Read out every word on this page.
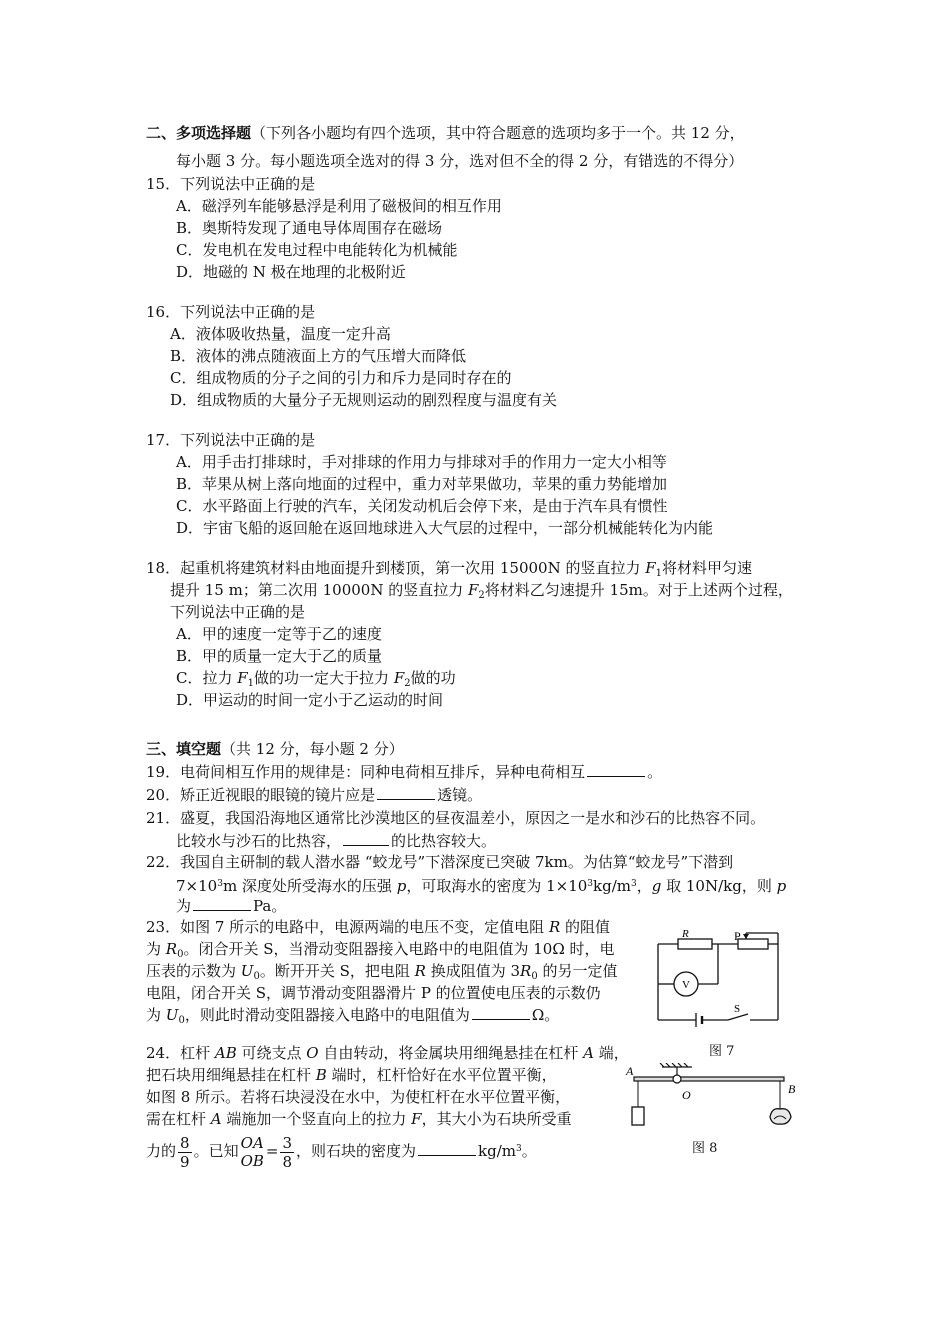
二、多项选择题（下列各小题均有四个选项，其中符合题意的选项均多于一个。共 12 分，
每小题 3 分。每小题选项全选对的得 3 分，选对但不全的得 2 分，有错选的不得分）
15．下列说法中正确的是
A．磁浮列车能够悬浮是利用了磁极间的相互作用
B．奥斯特发现了通电导体周围存在磁场
C．发电机在发电过程中电能转化为机械能
D．地磁的 N 极在地理的北极附近
16．下列说法中正确的是
A．液体吸收热量，温度一定升高
B．液体的沸点随液面上方的气压增大而降低
C．组成物质的分子之间的引力和斥力是同时存在的
D．组成物质的大量分子无规则运动的剧烈程度与温度有关
17．下列说法中正确的是
A．用手击打排球时，手对排球的作用力与排球对手的作用力一定大小相等
B．苹果从树上落向地面的过程中，重力对苹果做功，苹果的重力势能增加
C．水平路面上行驶的汽车，关闭发动机后会停下来，是由于汽车具有惯性
D．宇宙飞船的返回舱在返回地球进入大气层的过程中，一部分机械能转化为内能
18．起重机将建筑材料由地面提升到楼顶，第一次用 15000N 的竖直拉力 $F_1$将材料甲匀速
提升 15 m；第二次用 10000N 的竖直拉力 $F_2$将材料乙匀速提升 15m。对于上述两个过程，
下列说法中正确的是
A．甲的速度一定等于乙的速度
B．甲的质量一定大于乙的质量
C．拉力 $F_1$做的功一定大于拉力 $F_2$做的功
D．甲运动的时间一定小于乙运动的时间
三、填空题（共 12 分，每小题 2 分）
19．电荷间相互作用的规律是：同种电荷相互排斥，异种电荷相互	。
20．矫正近视眼的眼镜的镜片应是	透镜。
21．盛夏，我国沿海地区通常比沙漠地区的昼夜温差小，原因之一是水和沙石的比热容不同。
比较水与沙石的比热容，	的比热容较大。
22．我国自主研制的载人潜水器 “蛟龙号”下潜深度已突破 7km。为估算“蛟龙号”下潜到
$7\times 10^3m$ 深度处所受海水的压强 p，可取海水的密度为 $1\times 10^3kg/m^3$，g 取 10N/kg，则 p
为	Pa。
23．如图 7 所示的电路中，电源两端的电压不变，定值电阻 R 的阻值
为 $R_0$。闭合开关 S，当滑动变阻器接入电路中的电阻值为 10Ω 时，电
压表的示数为 $U_0$。断开开关 S，把电阻 R 换成阻值为 $3R_0$ 的另一定值
电阻，闭合开关 S，调节滑动变阻器滑片 P 的位置使电压表的示数仍
为 $U_0$，则此时滑动变阻器接入电路中的电阻值为	Ω。
R	P
V
S
图 7
24．杠杆 AB 可绕支点 O 自由转动，将金属块用细绳悬挂在杠杆 A 端，
把石块用细绳悬挂在杠杆 B 端时，杠杆恰好在水平位置平衡，
如图 8 所示。若将石块浸没在水中，为使杠杆在水平位置平衡，
需在杠杆 A 端施加一个竖直向上的拉力 F，其大小为石块所受重
力的 $\frac{8}{9}$ 。已知 OA
OB
= $\frac{3}{8}$ ，则石块的密度为	$kg/m^3$。
A
O	B
图 8
